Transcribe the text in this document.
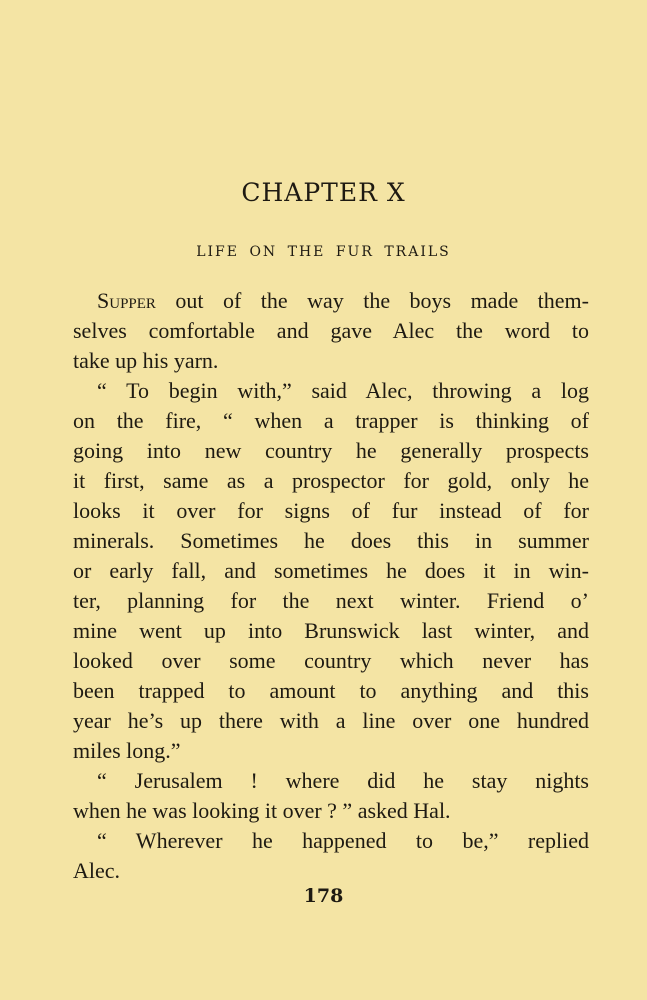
CHAPTER X
LIFE ON THE FUR TRAILS
Supper out of the way the boys made them-
selves comfortable and gave Alec the word to
take up his yarn.
“ To begin with,” said Alec, throwing a log
on the fire, “ when a trapper is thinking of
going into new country he generally prospects
it first, same as a prospector for gold, only he
looks it over for signs of fur instead of for
minerals. Sometimes he does this in summer
or early fall, and sometimes he does it in win-
ter, planning for the next winter. Friend o’
mine went up into Brunswick last winter, and
looked over some country which never has
been trapped to amount to anything and this
year he’s up there with a line over one hundred
miles long.”
“ Jerusalem ! where did he stay nights
when he was looking it over ? ” asked Hal.
“ Wherever he happened to be,” replied
Alec.
178
